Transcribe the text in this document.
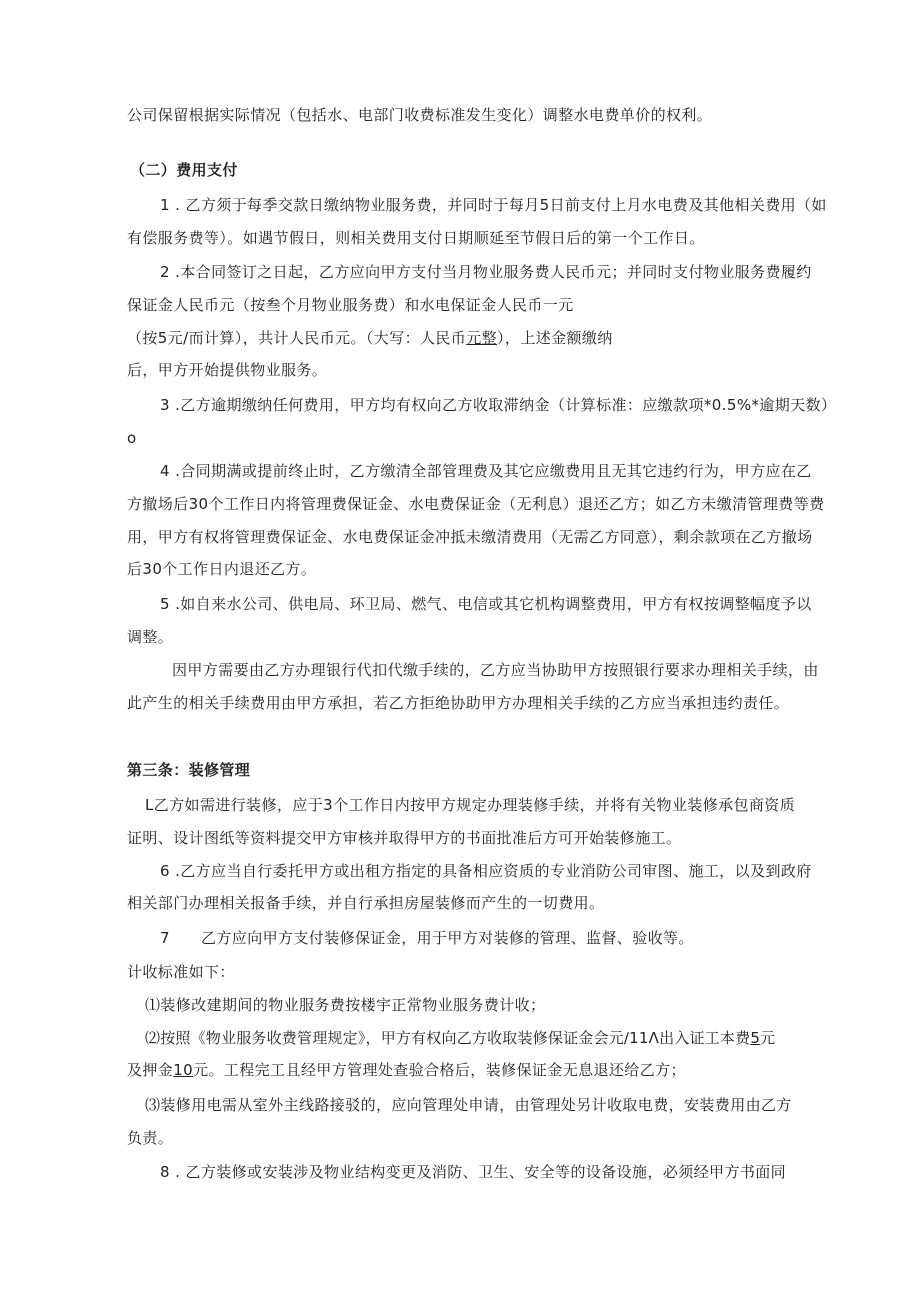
公司保留根据实际情况（包括水、电部门收费标准发生变化）调整水电费单价的权利。
（二）费用支付
1 . 乙方须于每季交款日缴纳物业服务费，并同时于每月5日前支付上月水电费及其他相关费用（如
有偿服务费等）。如遇节假日，则相关费用支付日期顺延至节假日后的第一个工作日。
2 .本合同签订之日起，乙方应向甲方支付当月物业服务费人民币元；并同时支付物业服务费履约
保证金人民币元（按叁个月物业服务费）和水电保证金人民币一元
（按5元/而计算），共计人民币元。（大写：人民币元整），上述金额缴纳
后，甲方开始提供物业服务。
3 .乙方逾期缴纳任何费用，甲方均有权向乙方收取滞纳金（计算标准：应缴款项*0.5%*逾期天数）
o
4 .合同期满或提前终止时，乙方缴清全部管理费及其它应缴费用且无其它违约行为，甲方应在乙
方撤场后30个工作日内将管理费保证金、水电费保证金（无利息）退还乙方；如乙方未缴清管理费等费
用，甲方有权将管理费保证金、水电费保证金冲抵未缴清费用（无需乙方同意），剩余款项在乙方撤场
后30个工作日内退还乙方。
5 .如自来水公司、供电局、环卫局、燃气、电信或其它机构调整费用，甲方有权按调整幅度予以
调整。
因甲方需要由乙方办理银行代扣代缴手续的，乙方应当协助甲方按照银行要求办理相关手续，由
此产生的相关手续费用由甲方承担，若乙方拒绝协助甲方办理相关手续的乙方应当承担违约责任。
第三条：装修管理
L乙方如需进行装修，应于3个工作日内按甲方规定办理装修手续，并将有关物业装修承包商资质
证明、设计图纸等资料提交甲方审核并取得甲方的书面批准后方可开始装修施工。
6 .乙方应当自行委托甲方或出租方指定的具备相应资质的专业消防公司审图、施工，以及到政府
相关部门办理相关报备手续，并自行承担房屋装修而产生的一切费用。
7	乙方应向甲方支付装修保证金，用于甲方对装修的管理、监督、验收等。
计收标准如下：
⑴装修改建期间的物业服务费按楼宇正常物业服务费计收；
⑵按照《物业服务收费管理规定》，甲方有权向乙方收取装修保证金会元∕11Λ出入证工本费5元
及押金10元。工程完工且经甲方管理处查验合格后，装修保证金无息退还给乙方；
⑶装修用电需从室外主线路接驳的，应向管理处申请，由管理处另计收取电费，安装费用由乙方
负责。
8 . 乙方装修或安装涉及物业结构变更及消防、卫生、安全等的设备设施，必须经甲方书面同
